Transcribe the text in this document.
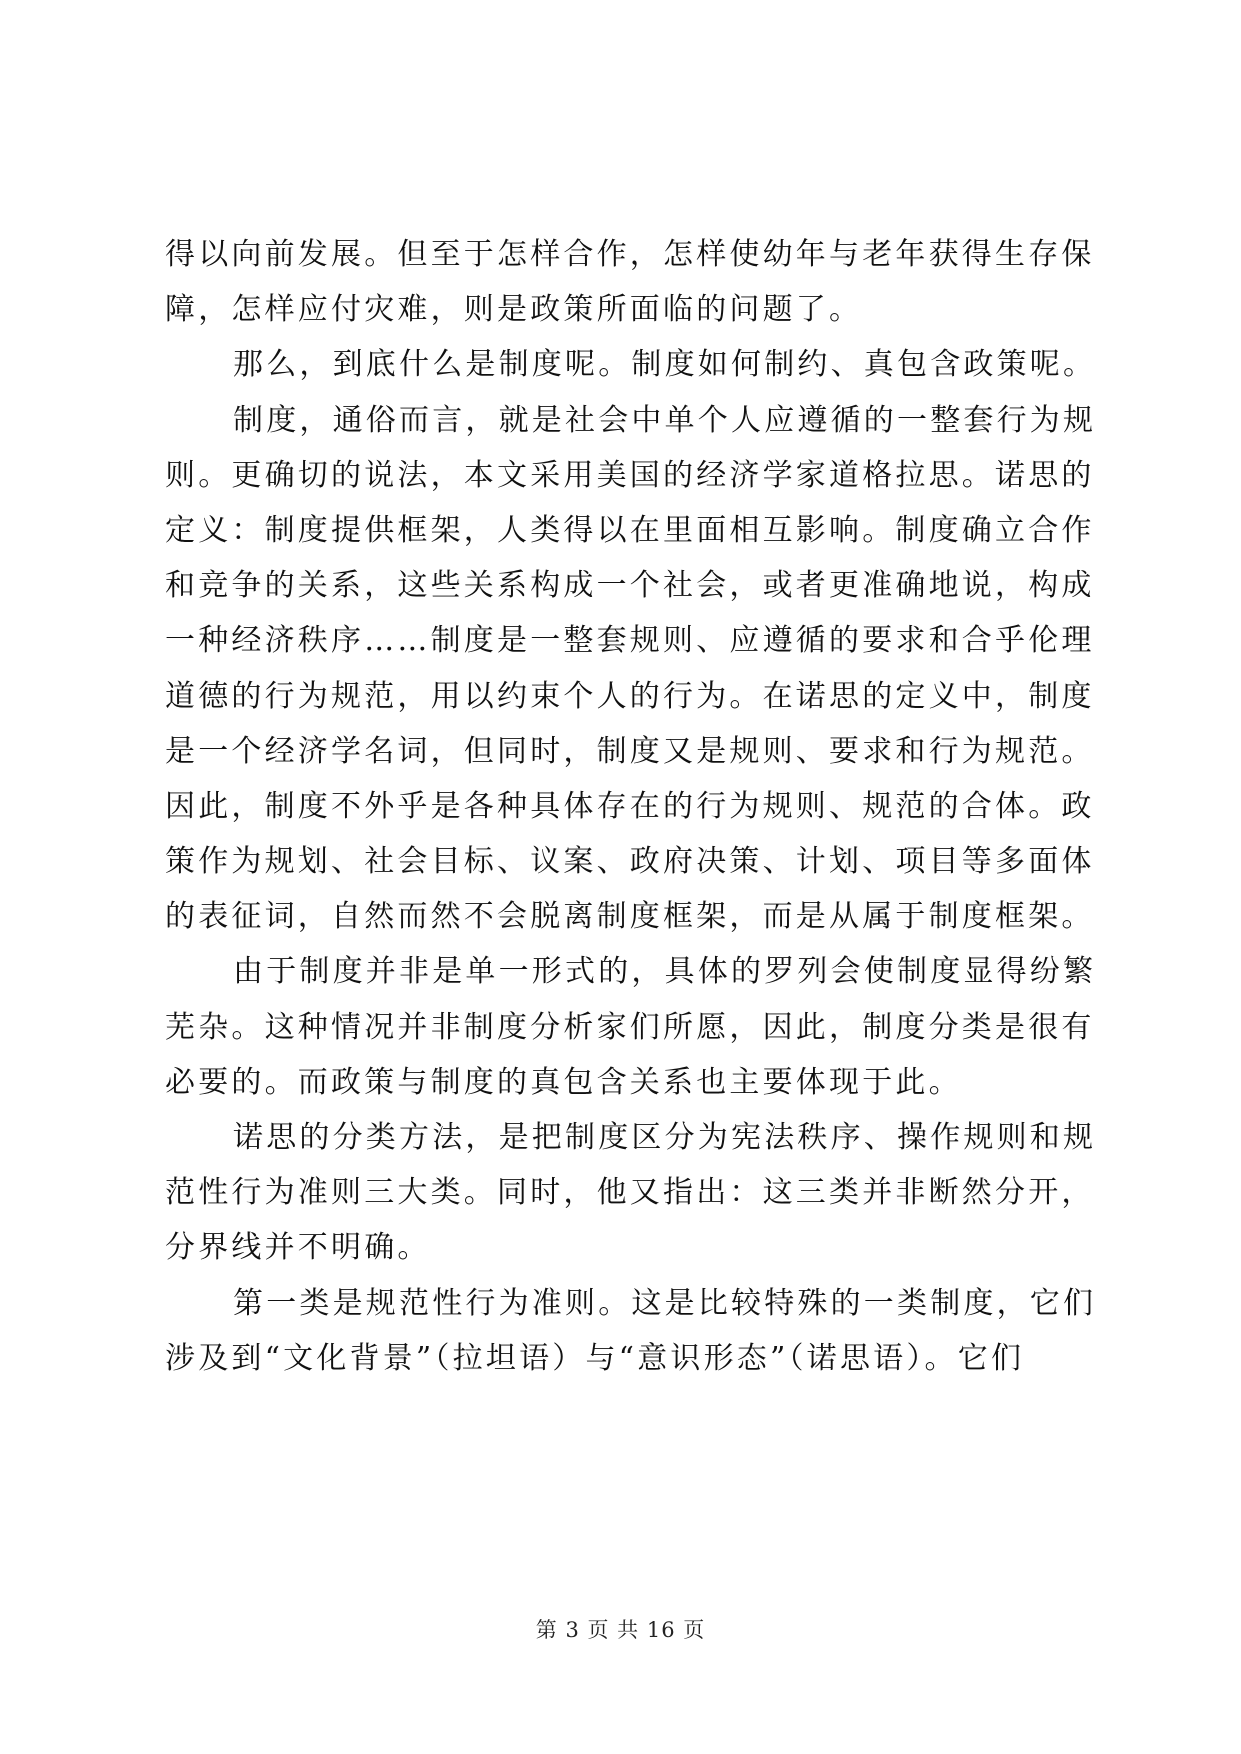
得以向前发展。但至于怎样合作，怎样使幼年与老年获得生存保
障，怎样应付灾难，则是政策所面临的问题了。
那么，到底什么是制度呢。制度如何制约、真包含政策呢。
制度，通俗而言，就是社会中单个人应遵循的一整套行为规
则。更确切的说法，本文采用美国的经济学家道格拉思。诺思的
定义：制度提供框架，人类得以在里面相互影响。制度确立合作
和竞争的关系，这些关系构成一个社会，或者更准确地说，构成
一种经济秩序……制度是一整套规则、应遵循的要求和合乎伦理
道德的行为规范，用以约束个人的行为。在诺思的定义中，制度
是一个经济学名词，但同时，制度又是规则、要求和行为规范。
因此，制度不外乎是各种具体存在的行为规则、规范的合体。政
策作为规划、社会目标、议案、政府决策、计划、项目等多面体
的表征词，自然而然不会脱离制度框架，而是从属于制度框架。
由于制度并非是单一形式的，具体的罗列会使制度显得纷繁
芜杂。这种情况并非制度分析家们所愿，因此，制度分类是很有
必要的。而政策与制度的真包含关系也主要体现于此。
诺思的分类方法，是把制度区分为宪法秩序、操作规则和规
范性行为准则三大类。同时，他又指出：这三类并非断然分开，
分界线并不明确。
第一类是规范性行为准则。这是比较特殊的一类制度，它们
涉及到“文化背景”（拉坦语）与“意识形态”（诺思语）。它们
第 3 页 共 16 页
